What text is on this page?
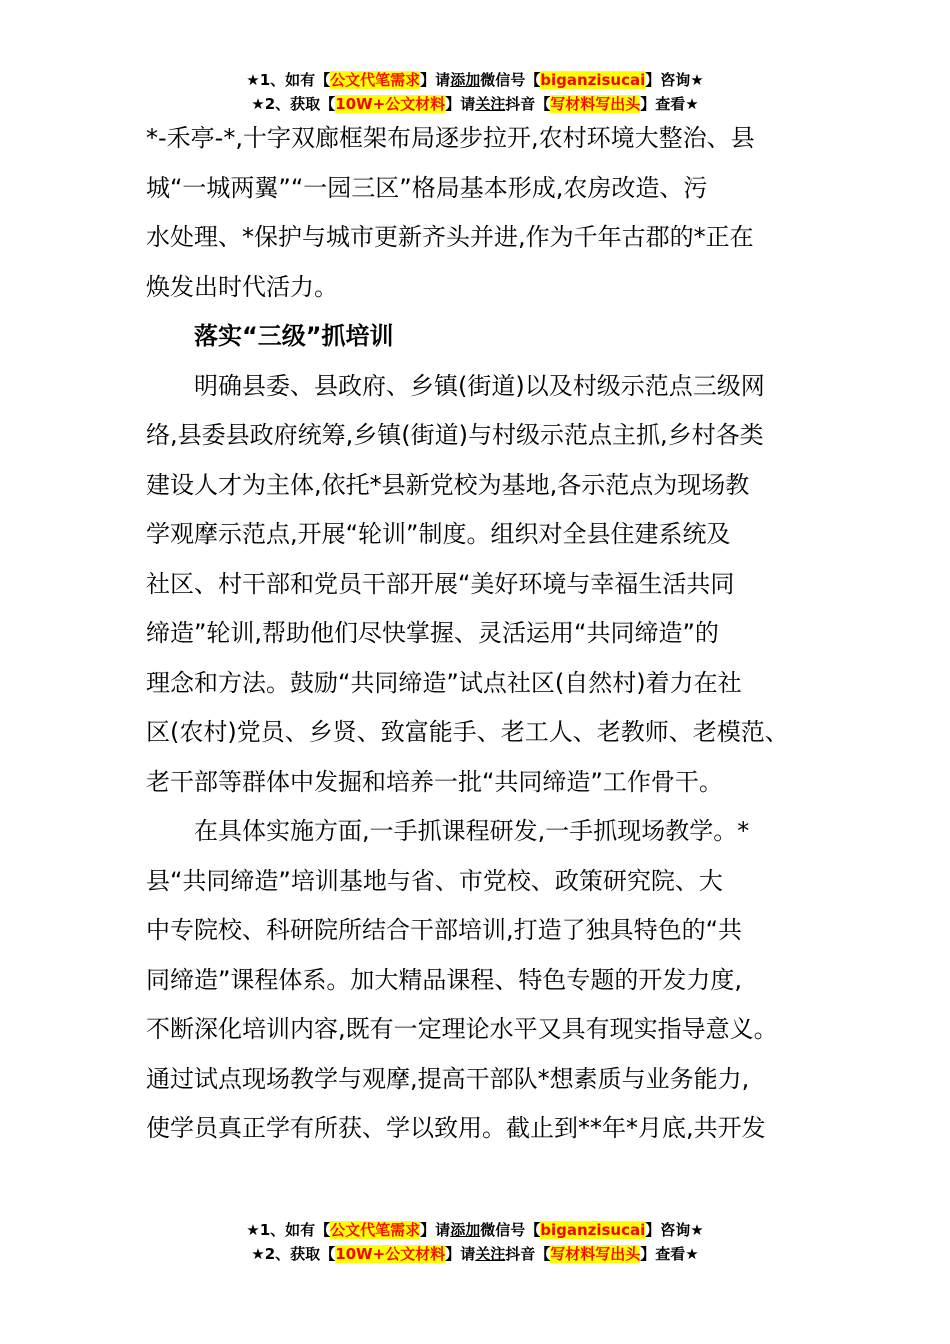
★1、如有【公文代笔需求】请添加微信号【biganzisucai】咨询★
★2、获取【10W+公文材料】请关注抖音【写材料写出头】查看★
*-禾亭-*,十字双廊框架布局逐步拉开,农村环境大整治、县
城“一城两翼”“一园三区”格局基本形成,农房改造、污
水处理、*保护与城市更新齐头并进,作为千年古郡的*正在
焕发出时代活力。
落实“三级”抓培训
明确县委、县政府、乡镇(街道)以及村级示范点三级网
络,县委县政府统筹,乡镇(街道)与村级示范点主抓,乡村各类
建设人才为主体,依托*县新党校为基地,各示范点为现场教
学观摩示范点,开展“轮训”制度。组织对全县住建系统及
社区、村干部和党员干部开展“美好环境与幸福生活共同
缔造”轮训,帮助他们尽快掌握、灵活运用“共同缔造”的
理念和方法。鼓励“共同缔造”试点社区(自然村)着力在社
区(农村)党员、乡贤、致富能手、老工人、老教师、老模范、
老干部等群体中发掘和培养一批“共同缔造”工作骨干。
在具体实施方面,一手抓课程研发,一手抓现场教学。*
县“共同缔造”培训基地与省、市党校、政策研究院、大
中专院校、科研院所结合干部培训,打造了独具特色的“共
同缔造”课程体系。加大精品课程、特色专题的开发力度,
不断深化培训内容,既有一定理论水平又具有现实指导意义。
通过试点现场教学与观摩,提高干部队*想素质与业务能力,
使学员真正学有所获、学以致用。截止到**年*月底,共开发
★1、如有【公文代笔需求】请添加微信号【biganzisucai】咨询★
★2、获取【10W+公文材料】请关注抖音【写材料写出头】查看★
